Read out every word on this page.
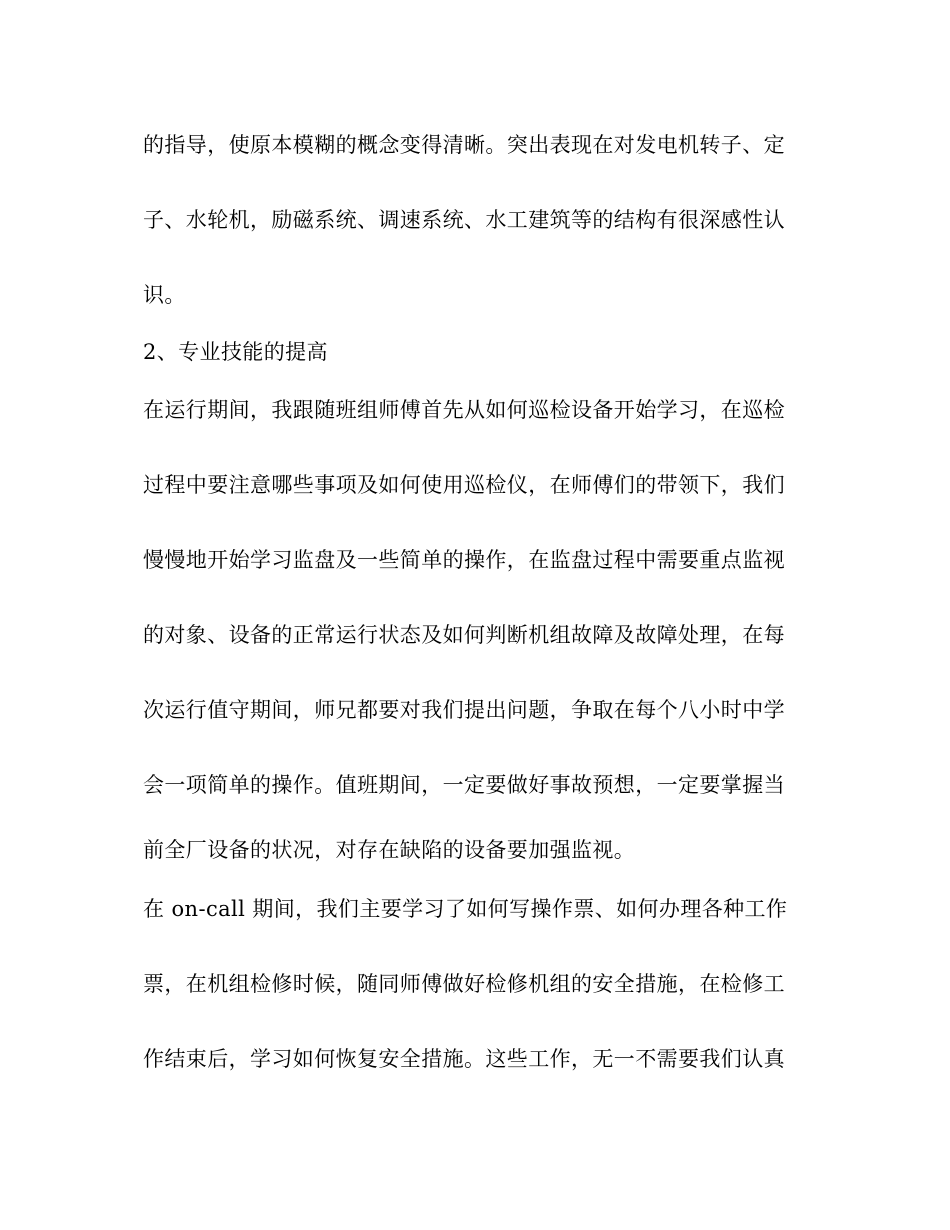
的指导，使原本模糊的概念变得清晰。突出表现在对发电机转子、定
子、水轮机，励磁系统、调速系统、水工建筑等的结构有很深感性认
识。
2、专业技能的提高
在运行期间，我跟随班组师傅首先从如何巡检设备开始学习，在巡检
过程中要注意哪些事项及如何使用巡检仪，在师傅们的带领下，我们
慢慢地开始学习监盘及一些简单的操作，在监盘过程中需要重点监视
的对象、设备的正常运行状态及如何判断机组故障及故障处理，在每
次运行值守期间，师兄都要对我们提出问题，争取在每个八小时中学
会一项简单的操作。值班期间，一定要做好事故预想，一定要掌握当
前全厂设备的状况，对存在缺陷的设备要加强监视。
在 on-call 期间，我们主要学习了如何写操作票、如何办理各种工作
票，在机组检修时候，随同师傅做好检修机组的安全措施，在检修工
作结束后，学习如何恢复安全措施。这些工作，无一不需要我们认真
